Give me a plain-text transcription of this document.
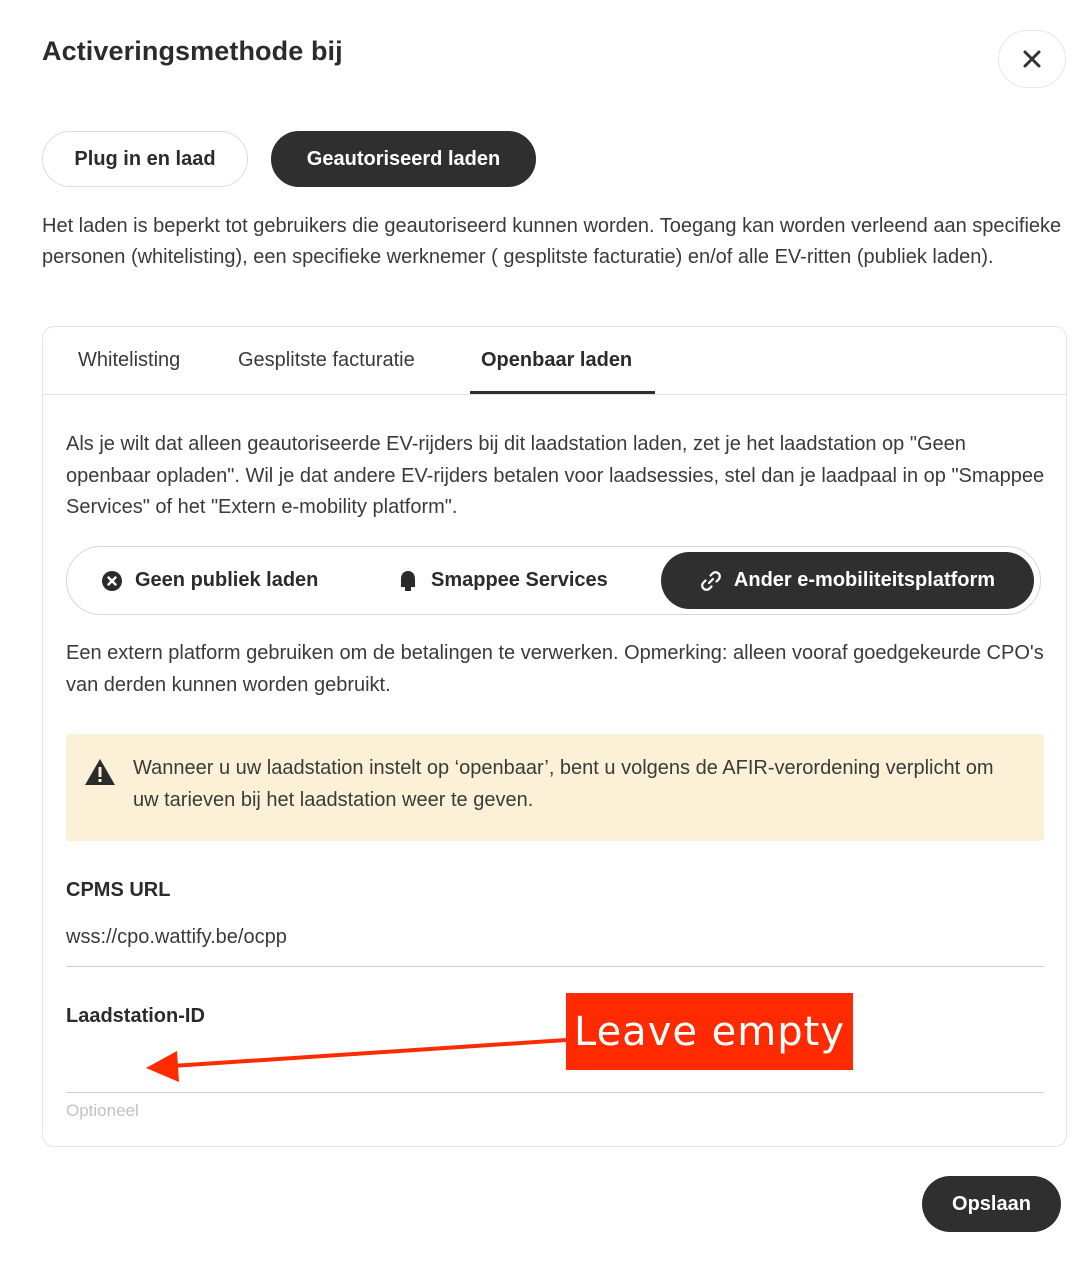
Activeringsmethode bij
Plug in en laad	Geautoriseerd laden
Het laden is beperkt tot gebruikers die geautoriseerd kunnen worden. Toegang kan worden verleend aan specifieke personen (whitelisting), een specifieke werknemer ( gesplitste facturatie) en/of alle EV-ritten (publiek laden).
Whitelisting	Gesplitste facturatie	Openbaar laden
Als je wilt dat alleen geautoriseerde EV-rijders bij dit laadstation laden, zet je het laadstation op "Geen openbaar opladen". Wil je dat andere EV-rijders betalen voor laadsessies, stel dan je laadpaal in op "Smappee Services" of het "Extern e-mobility platform".
Geen publiek laden	Smappee Services	Ander e-mobiliteitsplatform
Een extern platform gebruiken om de betalingen te verwerken. Opmerking: alleen vooraf goedgekeurde CPO's van derden kunnen worden gebruikt.
Wanneer u uw laadstation instelt op ‘openbaar’, bent u volgens de AFIR-verordening verplicht om uw tarieven bij het laadstation weer te geven.
CPMS URL
wss://cpo.wattify.be/ocpp
Laadstation-ID
Optioneel
Leave empty
Opslaan
